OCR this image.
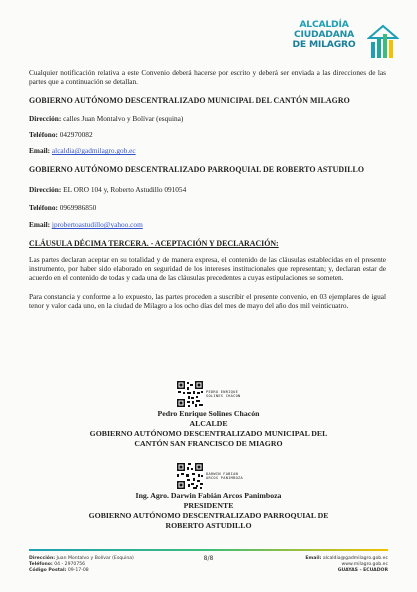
ALCALDÍA
CIUDADANA
DE MILAGRO

Cualquier notificación relativa a este Convenio deberá hacerse por escrito y deberá ser enviada a las direcciones de las partes que a continuación se detallan.

GOBIERNO AUTÓNOMO DESCENTRALIZADO MUNICIPAL DEL CANTÓN MILAGRO

Dirección: calles Juan Montalvo y Bolívar (esquina)

Teléfono: 042970082

Email: alcaldia@gadmilagro.gob.ec

GOBIERNO AUTÓNOMO DESCENTRALIZADO PARROQUIAL DE ROBERTO ASTUDILLO

Dirección: EL ORO 104 y, Roberto Astudillo 091054

Teléfono: 0969986850

Email: jprobertoastudillo@yahoo.com

CLÁUSULA DÉCIMA TERCERA. - ACEPTACIÓN Y DECLARACIÓN:

Las partes declaran aceptar en su totalidad y de manera expresa, el contenido de las cláusulas establecidas en el presente instrumento, por haber sido elaborado en seguridad de los intereses institucionales que representan; y, declaran estar de acuerdo en el contenido de todas y cada una de las cláusulas precedentes a cuyas estipulaciones se someten.

Para constancia y conforme a lo expuesto, las partes proceden a suscribir el presente convenio, en 03 ejemplares de igual tenor y valor cada uno, en la ciudad de Milagro a los ocho días del mes de mayo del año dos mil veinticuatro.

PEDRO ENRIQUE
SOLINES CHACON
Pedro Enrique Solines Chacón
ALCALDE
GOBIERNO AUTÓNOMO DESCENTRALIZADO MUNICIPAL DEL
CANTÓN SAN FRANCISCO DE MIAGRO
DARWIN FABIAN
ARCOS PANIMBOZA
Ing. Agro. Darwin Fabián Arcos Panimboza
PRESIDENTE
GOBIERNO AUTÓNOMO DESCENTRALIZADO PARROQUIAL DE
ROBERTO ASTUDILLO
Dirección: Juan Montalvo y Bolívar (Esquina)
Teléfono: 04 - 2970756
Código Postal: 09-17-08
8/8	Email: alcaldia@gadmilagro.gob.ec
www.milagro.gob.ec
GUAYAS - ECUADOR
